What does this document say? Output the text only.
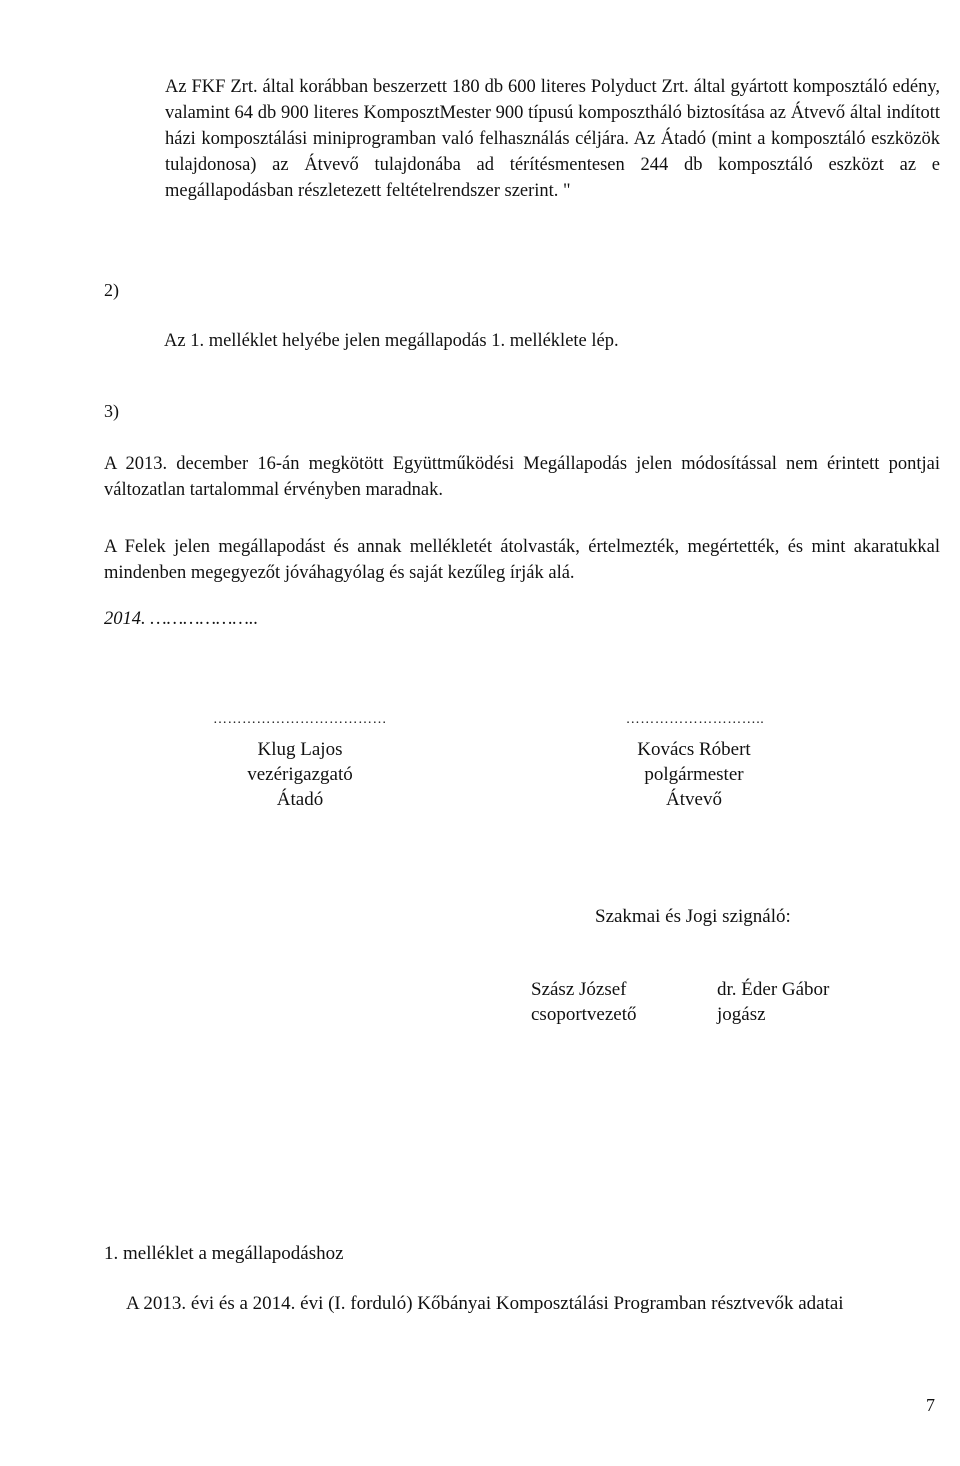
Az FKF Zrt. által korábban beszerzett 180 db 600 literes Polyduct Zrt. által gyártott komposztáló edény, valamint 64 db 900 literes KomposztMester 900 típusú komposztháló biztosítása az Átvevő által indított házi komposztálási miniprogramban való felhasználás céljára. Az Átadó (mint a komposztáló eszközök tulajdonosa) az Átvevő tulajdonába ad térítésmentesen 244 db komposztáló eszközt az e megállapodásban részletezett feltételrendszer szerint. "
2)
Az 1. melléklet helyébe jelen megállapodás 1. melléklete lép.
3)
A 2013. december 16-án megkötött Együttműködési Megállapodás jelen módosítással nem érintett pontjai változatlan tartalommal érvényben maradnak.
A Felek jelen megállapodást és annak mellékletét átolvasták, értelmezték, megértették, és mint akaratukkal mindenben megegyezőt jóváhagyólag és saját kezűleg írják alá.
2014. ………………..
………………………………
Klug Lajos
vezérigazgató
Átadó
………………………..
Kovács Róbert
polgármester
Átvevő
Szakmai és Jogi szignáló:
Szász József
csoportvezető
dr. Éder Gábor
jogász
1. melléklet a megállapodáshoz
A 2013. évi és a 2014. évi (I. forduló) Kőbányai Komposztálási Programban résztvevők adatai
7
